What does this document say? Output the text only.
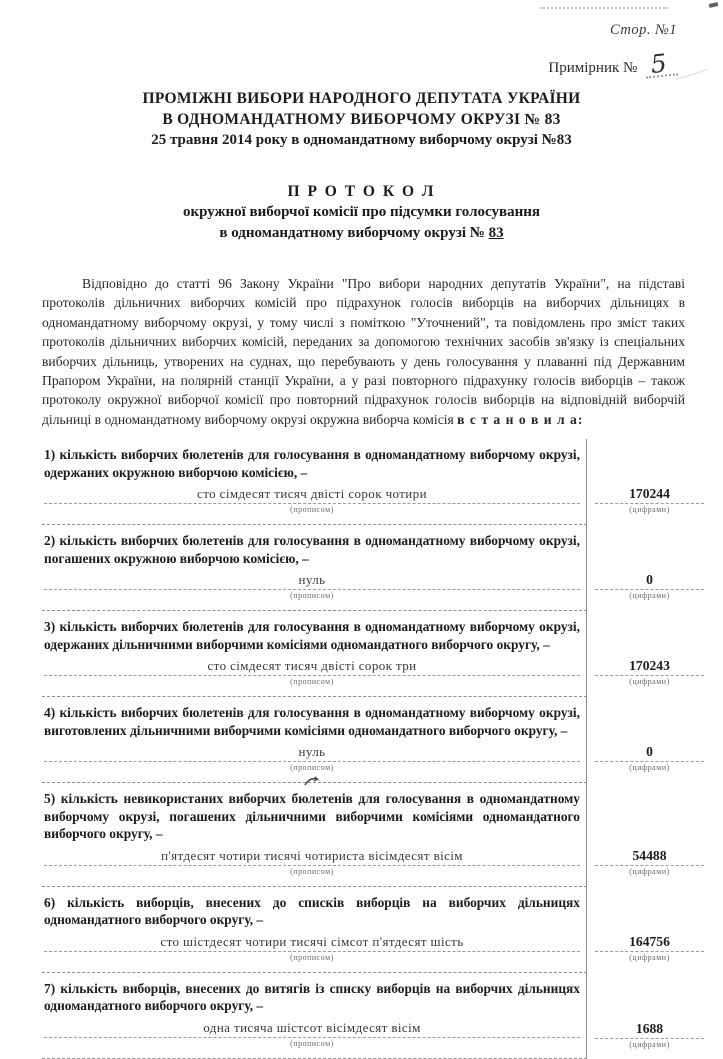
Стор. №1
Примірник № 5
ПРОМІЖНІ ВИБОРИ НАРОДНОГО ДЕПУТАТА УКРАЇНИ
В ОДНОМАНДАТНОМУ ВИБОРЧОМУ ОКРУЗІ № 83
25 травня 2014 року в одномандатному виборчому окрузі №83
П Р О Т О К О Л
окружної виборчої комісії про підсумки голосування
в одномандатному виборчому окрузі № 83

Відповідно до статті 96 Закону України "Про вибори народних депутатів України", на підставі протоколів дільничних виборчих комісій про підрахунок голосів виборців на виборчих дільницях в одномандатному виборчому окрузі, у тому числі з поміткою "Уточнений", та повідомлень про зміст таких протоколів дільничних виборчих комісій, переданих за допомогою технічних засобів зв'язку із спеціальних виборчих дільниць, утворених на суднах, що перебувають у день голосування у плаванні під Державним Прапором України, на полярній станції України, а у разі повторного підрахунку голосів виборців – також протоколу окружної виборчої комісії про повторний підрахунок голосів виборців на відповідній виборчій дільниці в одномандатному виборчому окрузі окружна виборча комісія в с т а н о в и л а:

1) кількість виборчих бюлетенів для голосування в одномандатному виборчому окрузі, одержаних окружною виборчою комісією, –
сто сімдесят тисяч двісті сорок чотири
(прописом)
170244
(цифрами)
2) кількість виборчих бюлетенів для голосування в одномандатному виборчому окрузі, погашених окружною виборчою комісією, –
нуль
(прописом)
0
(цифрами)
3) кількість виборчих бюлетенів для голосування в одномандатному виборчому окрузі, одержаних дільничними виборчими комісіями одномандатного виборчого округу, –
сто сімдесят тисяч двісті сорок три
(прописом)
170243
(цифрами)
4) кількість виборчих бюлетенів для голосування в одномандатному виборчому окрузі, виготовлених дільничними виборчими комісіями одномандатного виборчого округу, –
нуль
(прописом)
0
(цифрами)
5) кількість невикористаних виборчих бюлетенів для голосування в одномандатному виборчому окрузі, погашених дільничними виборчими комісіями одномандатного виборчого округу, –
п'ятдесят чотири тисячі чотириста вісімдесят вісім
(прописом)
54488
(цифрами)
6) кількість виборців, внесених до списків виборців на виборчих дільницях одномандатного виборчого округу, –
сто шістдесят чотири тисячі сімсот п'ятдесят шість
(прописом)
164756
(цифрами)
7) кількість виборців, внесених до витягів із списку виборців на виборчих дільницях одномандатного виборчого округу, –
одна тисяча шістсот вісімдесят вісім
(прописом)
1688
(цифрами)
